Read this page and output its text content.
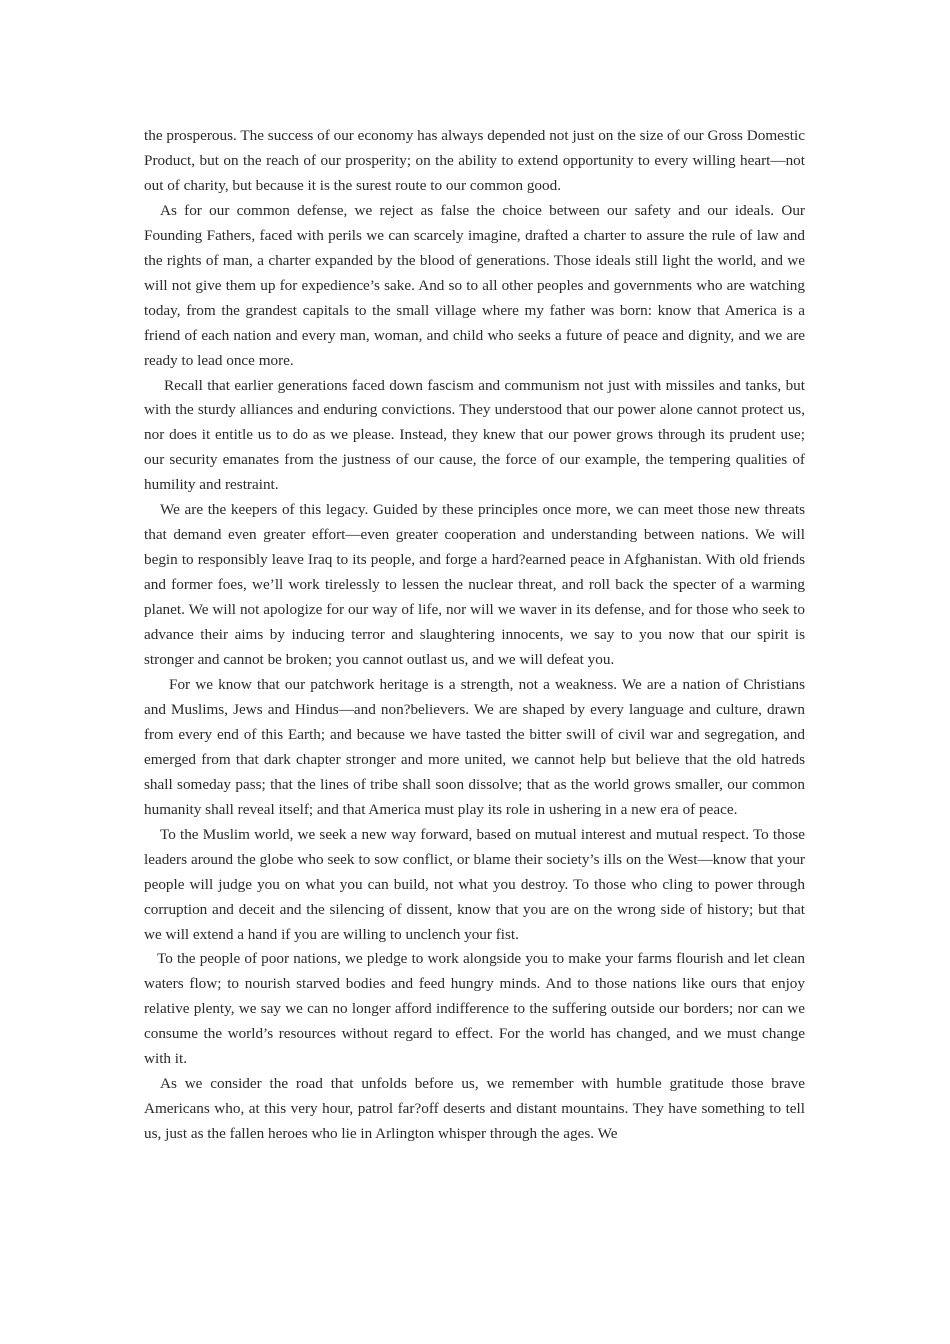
the prosperous. The success of our economy has always depended not just on the size of our Gross Domestic Product, but on the reach of our prosperity; on the ability to extend opportunity to every willing heart—not out of charity, but because it is the surest route to our common good.

As for our common defense, we reject as false the choice between our safety and our ideals. Our Founding Fathers, faced with perils we can scarcely imagine, drafted a charter to assure the rule of law and the rights of man, a charter expanded by the blood of generations. Those ideals still light the world, and we will not give them up for expedience’s sake. And so to all other peoples and governments who are watching today, from the grandest capitals to the small village where my father was born: know that America is a friend of each nation and every man, woman, and child who seeks a future of peace and dignity, and we are ready to lead once more.

Recall that earlier generations faced down fascism and communism not just with missiles and tanks, but with the sturdy alliances and enduring convictions. They understood that our power alone cannot protect us, nor does it entitle us to do as we please. Instead, they knew that our power grows through its prudent use; our security emanates from the justness of our cause, the force of our example, the tempering qualities of humility and restraint.

We are the keepers of this legacy. Guided by these principles once more, we can meet those new threats that demand even greater effort—even greater cooperation and understanding between nations. We will begin to responsibly leave Iraq to its people, and forge a hard?earned peace in Afghanistan. With old friends and former foes, we’ll work tirelessly to lessen the nuclear threat, and roll back the specter of a warming planet. We will not apologize for our way of life, nor will we waver in its defense, and for those who seek to advance their aims by inducing terror and slaughtering innocents, we say to you now that our spirit is stronger and cannot be broken; you cannot outlast us, and we will defeat you.

For we know that our patchwork heritage is a strength, not a weakness. We are a nation of Christians and Muslims, Jews and Hindus—and non?believers. We are shaped by every language and culture, drawn from every end of this Earth; and because we have tasted the bitter swill of civil war and segregation, and emerged from that dark chapter stronger and more united, we cannot help but believe that the old hatreds shall someday pass; that the lines of tribe shall soon dissolve; that as the world grows smaller, our common humanity shall reveal itself; and that America must play its role in ushering in a new era of peace.

To the Muslim world, we seek a new way forward, based on mutual interest and mutual respect. To those leaders around the globe who seek to sow conflict, or blame their society’s ills on the West—know that your people will judge you on what you can build, not what you destroy. To those who cling to power through corruption and deceit and the silencing of dissent, know that you are on the wrong side of history; but that we will extend a hand if you are willing to unclench your fist.

To the people of poor nations, we pledge to work alongside you to make your farms flourish and let clean waters flow; to nourish starved bodies and feed hungry minds. And to those nations like ours that enjoy relative plenty, we say we can no longer afford indifference to the suffering outside our borders; nor can we consume the world’s resources without regard to effect. For the world has changed, and we must change with it.

As we consider the road that unfolds before us, we remember with humble gratitude those brave Americans who, at this very hour, patrol far?off deserts and distant mountains. They have something to tell us, just as the fallen heroes who lie in Arlington whisper through the ages. We
